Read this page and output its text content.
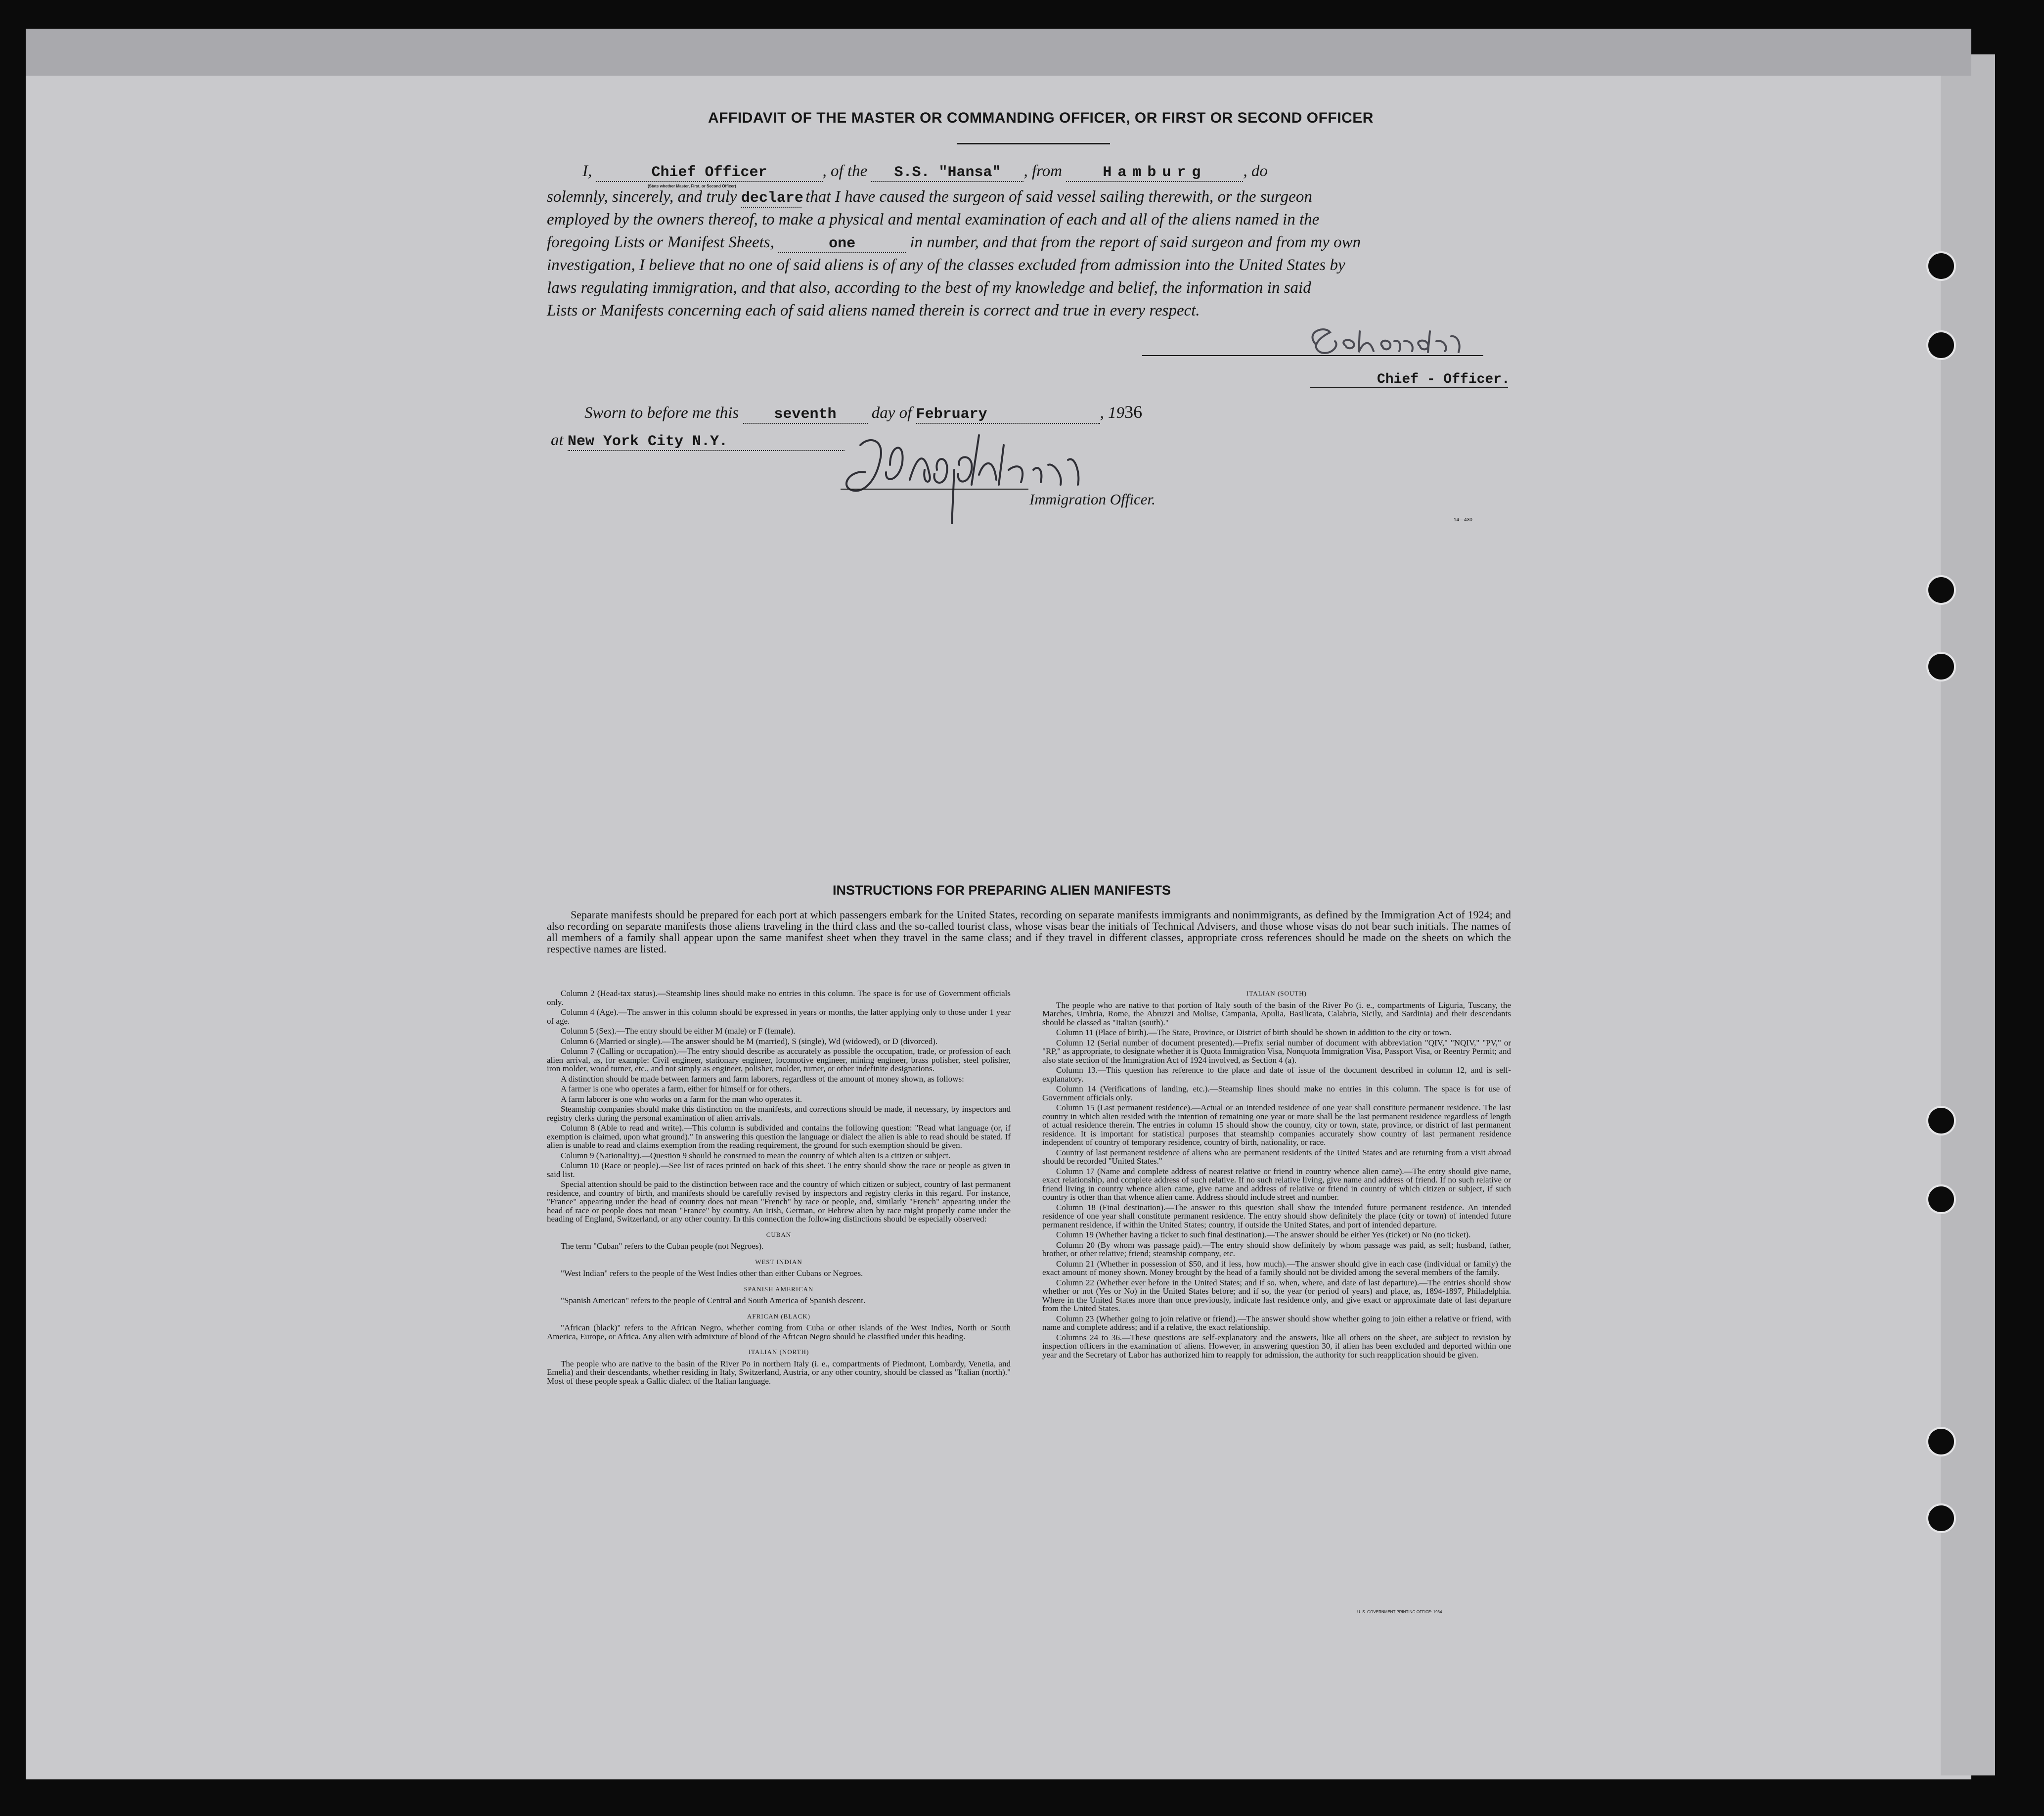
AFFIDAVIT OF THE MASTER OR COMMANDING OFFICER, OR FIRST OR SECOND OFFICER
I,	Chief Officer	, of the S.S. "Hansa" , from	Hamburg , do
(State whether Master, First, or Second Officer)
solemnly, sincerely, and truly declare that I have caused the surgeon of said vessel sailing therewith, or the surgeon
employed by the owners thereof, to make a physical and mental examination of each and all of the aliens named in the
foregoing Lists or Manifest Sheets,	one	in number, and that from the report of said surgeon and from my own
investigation, I believe that no one of said aliens is of any of the classes excluded from admission into the United States by
laws regulating immigration, and that also, according to the best of my knowledge and belief, the information in said
Lists or Manifests concerning each of said aliens named therein is correct and true in every respect.
Chief - Officer.
Sworn to before me this seventh day of February	, 1936
at New York City N.Y.
Immigration Officer.
14—430
INSTRUCTIONS FOR PREPARING ALIEN MANIFESTS
Separate manifests should be prepared for each port at which passengers embark for the United States, recording on separate manifests immigrants and nonimmigrants, as defined by the Immigration Act of 1924; and also recording on separate manifests those aliens traveling in the third class and the so-called tourist class, whose visas bear the initials of Technical Advisers, and those whose visas do not bear such initials. The names of all members of a family shall appear upon the same manifest sheet when they travel in the same class; and if they travel in different classes, appropriate cross references should be made on the sheets on which the respective names are listed.

Column 2 (Head-tax status).—Steamship lines should make no entries in this column. The space is for use of Government officials only.

Column 4 (Age).—The answer in this column should be expressed in years or months, the latter applying only to those under 1 year of age.

Column 5 (Sex).—The entry should be either M (male) or F (female).

Column 6 (Married or single).—The answer should be M (married), S (single), Wd (widowed), or D (divorced).

Column 7 (Calling or occupation).—The entry should describe as accurately as possible the occupation, trade, or profession of each alien arrival, as, for example: Civil engineer, stationary engineer, locomotive engineer, mining engineer, brass polisher, steel polisher, iron molder, wood turner, etc., and not simply as engineer, polisher, molder, turner, or other indefinite designations.

A distinction should be made between farmers and farm laborers, regardless of the amount of money shown, as follows:

A farmer is one who operates a farm, either for himself or for others.

A farm laborer is one who works on a farm for the man who operates it.

Steamship companies should make this distinction on the manifests, and corrections should be made, if necessary, by inspectors and registry clerks during the personal examination of alien arrivals.

Column 8 (Able to read and write).—This column is subdivided and contains the following question: "Read what language (or, if exemption is claimed, upon what ground)." In answering this question the language or dialect the alien is able to read should be stated. If alien is unable to read and claims exemption from the reading requirement, the ground for such exemption should be given.

Column 9 (Nationality).—Question 9 should be construed to mean the country of which alien is a citizen or subject.

Column 10 (Race or people).—See list of races printed on back of this sheet. The entry should show the race or people as given in said list.

Special attention should be paid to the distinction between race and the country of which citizen or subject, country of last permanent residence, and country of birth, and manifests should be carefully revised by inspectors and registry clerks in this regard. For instance, "France" appearing under the head of country does not mean "French" by race or people, and, similarly "French" appearing under the head of race or people does not mean "France" by country. An Irish, German, or Hebrew alien by race might properly come under the heading of England, Switzerland, or any other country. In this connection the following distinctions should be especially observed:

CUBAN

The term "Cuban" refers to the Cuban people (not Negroes).

WEST INDIAN

"West Indian" refers to the people of the West Indies other than either Cubans or Negroes.

SPANISH AMERICAN

"Spanish American" refers to the people of Central and South America of Spanish descent.

AFRICAN (BLACK)

"African (black)" refers to the African Negro, whether coming from Cuba or other islands of the West Indies, North or South America, Europe, or Africa. Any alien with admixture of blood of the African Negro should be classified under this heading.

ITALIAN (NORTH)

The people who are native to the basin of the River Po in northern Italy (i. e., compartments of Piedmont, Lombardy, Venetia, and Emelia) and their descendants, whether residing in Italy, Switzerland, Austria, or any other country, should be classed as "Italian (north)." Most of these people speak a Gallic dialect of the Italian language.

ITALIAN (SOUTH)

The people who are native to that portion of Italy south of the basin of the River Po (i. e., compartments of Liguria, Tuscany, the Marches, Umbria, Rome, the Abruzzi and Molise, Campania, Apulia, Basilicata, Calabria, Sicily, and Sardinia) and their descendants should be classed as "Italian (south)."

Column 11 (Place of birth).—The State, Province, or District of birth should be shown in addition to the city or town.

Column 12 (Serial number of document presented).—Prefix serial number of document with abbreviation "QIV," "NQIV," "PV," or "RP," as appropriate, to designate whether it is Quota Immigration Visa, Nonquota Immigration Visa, Passport Visa, or Reentry Permit; and also state section of the Immigration Act of 1924 involved, as Section 4 (a).

Column 13.—This question has reference to the place and date of issue of the document described in column 12, and is self-explanatory.

Column 14 (Verifications of landing, etc.).—Steamship lines should make no entries in this column. The space is for use of Government officials only.

Column 15 (Last permanent residence).—Actual or an intended residence of one year shall constitute permanent residence. The last country in which alien resided with the intention of remaining one year or more shall be the last permanent residence regardless of length of actual residence therein. The entries in column 15 should show the country, city or town, state, province, or district of last permanent residence. It is important for statistical purposes that steamship companies accurately show country of last permanent residence independent of country of temporary residence, country of birth, nationality, or race.

Country of last permanent residence of aliens who are permanent residents of the United States and are returning from a visit abroad should be recorded "United States."

Column 17 (Name and complete address of nearest relative or friend in country whence alien came).—The entry should give name, exact relationship, and complete address of such relative. If no such relative living, give name and address of friend. If no such relative or friend living in country whence alien came, give name and address of relative or friend in country of which citizen or subject, if such country is other than that whence alien came. Address should include street and number.

Column 18 (Final destination).—The answer to this question shall show the intended future permanent residence. An intended residence of one year shall constitute permanent residence. The entry should show definitely the place (city or town) of intended future permanent residence, if within the United States; country, if outside the United States, and port of intended departure.

Column 19 (Whether having a ticket to such final destination).—The answer should be either Yes (ticket) or No (no ticket).

Column 20 (By whom was passage paid).—The entry should show definitely by whom passage was paid, as self; husband, father, brother, or other relative; friend; steamship company, etc.

Column 21 (Whether in possession of $50, and if less, how much).—The answer should give in each case (individual or family) the exact amount of money shown. Money brought by the head of a family should not be divided among the several members of the family.

Column 22 (Whether ever before in the United States; and if so, when, where, and date of last departure).—The entries should show whether or not (Yes or No) in the United States before; and if so, the year (or period of years) and place, as, 1894-1897, Philadelphia. Where in the United States more than once previously, indicate last residence only, and give exact or approximate date of last departure from the United States.

Column 23 (Whether going to join relative or friend).—The answer should show whether going to join either a relative or friend, with name and complete address; and if a relative, the exact relationship.

Columns 24 to 36.—These questions are self-explanatory and the answers, like all others on the sheet, are subject to revision by inspection officers in the examination of aliens. However, in answering question 30, if alien has been excluded and deported within one year and the Secretary of Labor has authorized him to reapply for admission, the authority for such reapplication should be given.

U. S. GOVERNMENT PRINTING OFFICE: 1934
